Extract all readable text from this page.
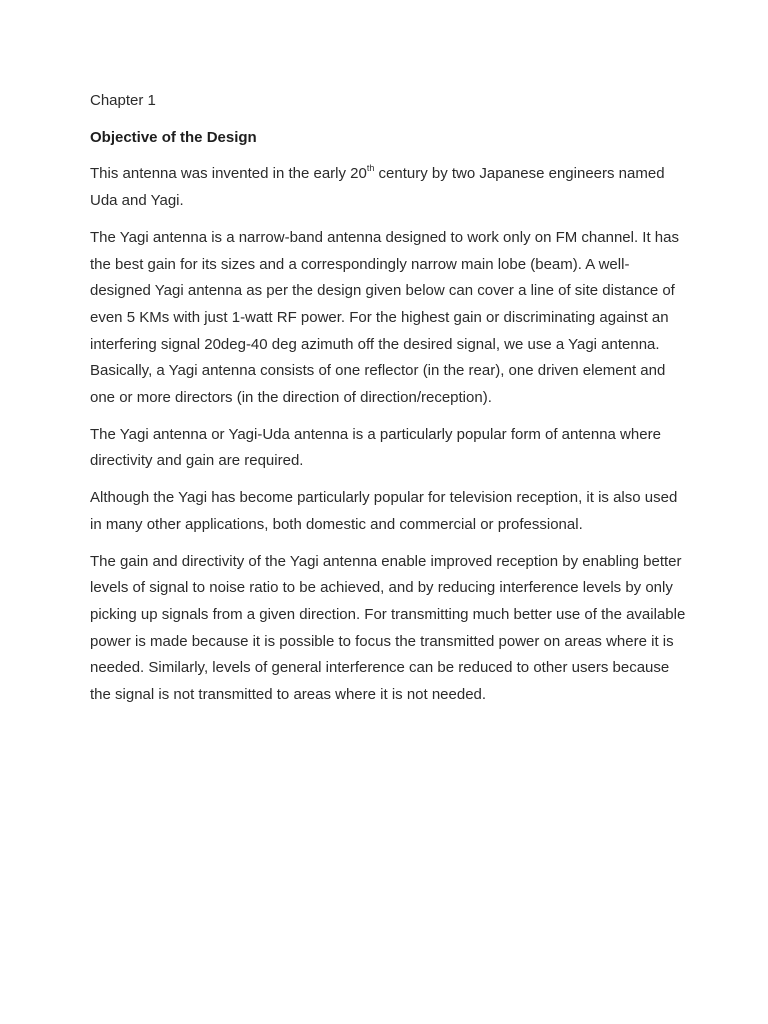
Chapter 1
Objective of the Design

This antenna was invented in the early 20th century by two Japanese engineers named Uda and Yagi.

The Yagi antenna is a narrow-band antenna designed to work only on FM channel. It has the best gain for its sizes and a correspondingly narrow main lobe (beam). A well-designed Yagi antenna as per the design given below can cover a line of site distance of even 5 KMs with just 1-watt RF power. For the highest gain or discriminating against an interfering signal 20deg-40 deg azimuth off the desired signal, we use a Yagi antenna. Basically, a Yagi antenna consists of one reflector (in the rear), one driven element and one or more directors (in the direction of direction/reception).

The Yagi antenna or Yagi-Uda antenna is a particularly popular form of antenna where directivity and gain are required.

Although the Yagi has become particularly popular for television reception, it is also used in many other applications, both domestic and commercial or professional.

The gain and directivity of the Yagi antenna enable improved reception by enabling better levels of signal to noise ratio to be achieved, and by reducing interference levels by only picking up signals from a given direction. For transmitting much better use of the available power is made because it is possible to focus the transmitted power on areas where it is needed. Similarly, levels of general interference can be reduced to other users because the signal is not transmitted to areas where it is not needed.
